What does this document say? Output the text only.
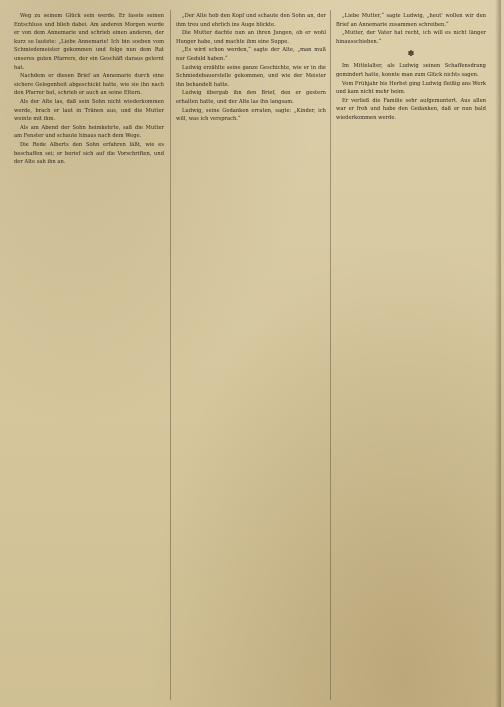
Weg zu seinem Glück sein werde. Er fasste seinen Entschluss und blieb dabei. Am anderen Morgen wurde er von dem Annemarie und schrieb einen anderen, der kurz so lautete: „Liebe Annemarie! Ich bin soeben vom Schmiedemeister gekommen und folge nun dem Rat unseres guten Pfarrers, der ein Geschäft daraus gelernt hat.

Nachdem er diesen Brief an Annemarie durch eine sichere Gelegenheit abgeschickt hatte, wie sie ihn nach den Pfarrer bat, schrieb er auch an seine Eltern.

Als der Alte las, daß sein Sohn nicht wiederkommen werde, brach er laut in Tränen aus, und die Mutter weinte mit ihm.

Als am Abend der Sohn heimkehrte, saß die Mutter am Fenster und schaute hinaus nach dem Wege.

Die Rede Alberts den Sohn erfahren läßt, wie es beschaffen sei; er berief sich auf die Vorschriften, und der Alte sah ihn an.

„Der Alte hob den Kopf und schaute den Sohn an, der ihm treu und ehrlich ins Auge blickte.

Die Mutter dachte nun an ihren Jungen, ob er wohl Hunger habe, und machte ihm eine Suppe.

„Es wird schon werden,“ sagte der Alte, „man muß nur Geduld haben.“

Ludwig erzählte seine ganze Geschichte, wie er in die Schmiedebauerstelle gekommen, und wie der Meister ihn behandelt hatte.

Ludwig übergab ihn den Brief, den er gestern erhalten hatte, und der Alte las ihn langsam.

Ludwig, seine Gedanken erraten, sagte: „Kinder, ich will, was ich versprach.“

„Liebe Mutter,“ sagte Ludwig, „heut' wollen wir den Brief an Annemarie zusammen schreiben.“

„Mutter, der Vater hat recht, ich will es nicht länger hinausschieben.“

✽

Im Mittelalter, als Ludwig seinen Schaffensdrang gemindert hatte, konnte man zum Glück nichts sagen.

Vom Frühjahr bis Herbst ging Ludwig fleißig ans Werk und kam nicht mehr heim.

Er verließ die Familie sehr aufgemuntert. Aus allen war er froh und habe den Gedanken, daß er nun bald wiederkommen werde.
